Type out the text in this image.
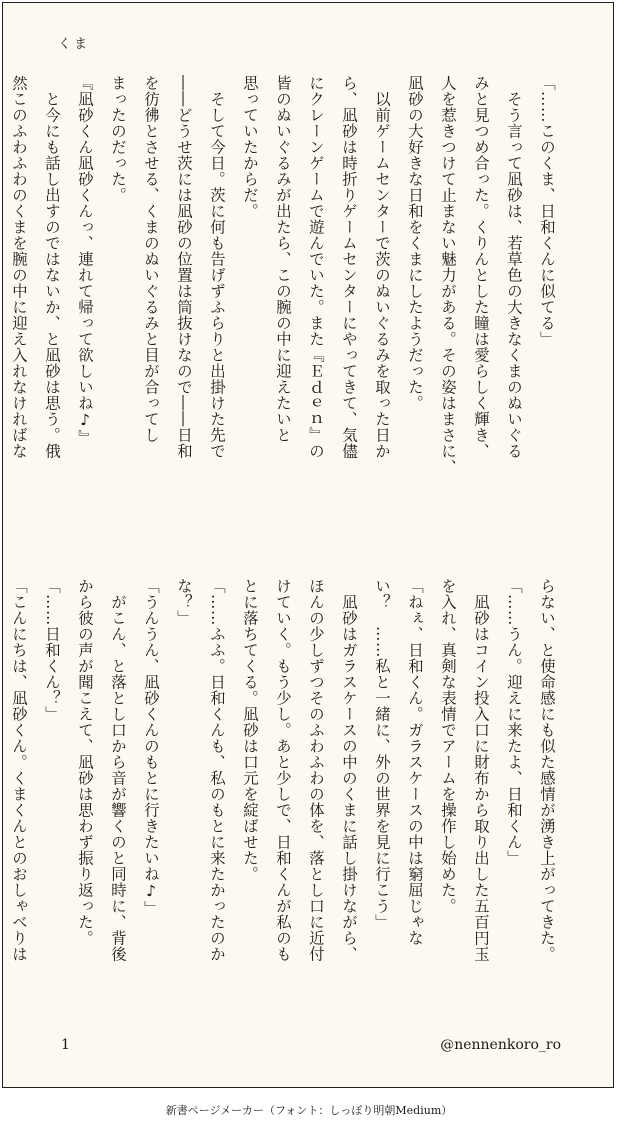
くま
「……このくま、日和くんに似てる」
　そう言って凪砂は、若草色の大きなくまのぬいぐる
みと見つめ合った。くりんとした瞳は愛らしく輝き、
人を惹きつけて止まない魅力がある。その姿はまさに、
凪砂の大好きな日和をくまにしたようだった。
　以前ゲームセンターで茨のぬいぐるみを取った日か
ら、凪砂は時折りゲームセンターにやってきて、気儘
にクレーンゲームで遊んでいた。また『Ｅｄｅｎ』の
皆のぬいぐるみが出たら、この腕の中に迎えたいと
思っていたからだ。
　そして今日。茨に何も告げずふらりと出掛けた先で
――どうせ茨には凪砂の位置は筒抜けなので――日和
を彷彿とさせる、くまのぬいぐるみと目が合ってし
まったのだった。
『凪砂くん凪砂くんっ、連れて帰って欲しいね♪』
　と今にも話し出すのではないか、と凪砂は思う。俄
然このふわふわのくまを腕の中に迎え入れなければな
らない、と使命感にも似た感情が湧き上がってきた。
「……うん。迎えに来たよ、日和くん」
　凪砂はコイン投入口に財布から取り出した五百円玉
を入れ、真剣な表情でアームを操作し始めた。
「ねぇ、日和くん。ガラスケースの中は窮屈じゃな
い？　……私と一緒に、外の世界を見に行こう」
　凪砂はガラスケースの中のくまに話し掛けながら、
ほんの少しずつそのふわふわの体を、落とし口に近付
けていく。もう少し。あと少しで、日和くんが私のも
とに落ちてくる。凪砂は口元を綻ばせた。
「……ふふ。日和くんも、私のもとに来たかったのか
な？」
「うんうん、凪砂くんのもとに行きたいね♪」
　がこん、と落とし口から音が響くのと同時に、背後
から彼の声が聞こえて、凪砂は思わず振り返った。
「……日和くん？」
「こんにちは、凪砂くん。くまくんとのおしゃべりは
1	@nennenkoro_ro
新書ページメーカー（フォント：しっぽり明朝Medium）
